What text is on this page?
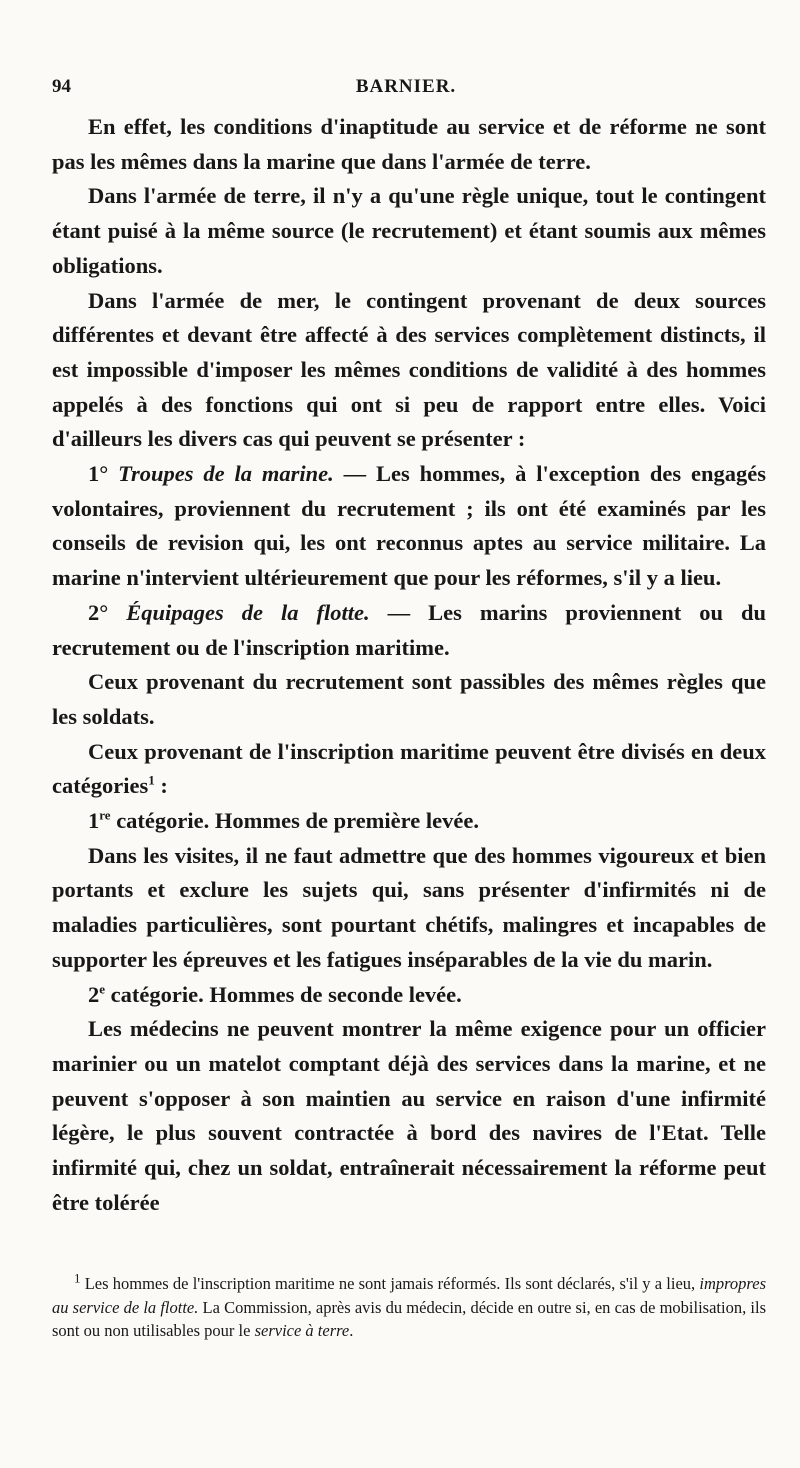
94	BARNIER.

En effet, les conditions d'inaptitude au service et de réforme ne sont pas les mêmes dans la marine que dans l'armée de terre.

Dans l'armée de terre, il n'y a qu'une règle unique, tout le contingent étant puisé à la même source (le recrutement) et étant soumis aux mêmes obligations.

Dans l'armée de mer, le contingent provenant de deux sources différentes et devant être affecté à des services complètement distincts, il est impossible d'imposer les mêmes conditions de validité à des hommes appelés à des fonctions qui ont si peu de rapport entre elles. Voici d'ailleurs les divers cas qui peuvent se présenter :

1° Troupes de la marine. — Les hommes, à l'exception des engagés volontaires, proviennent du recrutement ; ils ont été examinés par les conseils de revision qui, les ont reconnus aptes au service militaire. La marine n'intervient ultérieurement que pour les réformes, s'il y a lieu.

2° Équipages de la flotte. — Les marins proviennent ou du recrutement ou de l'inscription maritime.

Ceux provenant du recrutement sont passibles des mêmes règles que les soldats.

Ceux provenant de l'inscription maritime peuvent être divisés en deux catégories$^1$ :

1re catégorie. Hommes de première levée.

Dans les visites, il ne faut admettre que des hommes vigoureux et bien portants et exclure les sujets qui, sans présenter d'infirmités ni de maladies particulières, sont pourtant chétifs, malingres et incapables de supporter les épreuves et les fatigues inséparables de la vie du marin.

2e catégorie. Hommes de seconde levée.

Les médecins ne peuvent montrer la même exigence pour un officier marinier ou un matelot comptant déjà des services dans la marine, et ne peuvent s'opposer à son maintien au service en raison d'une infirmité légère, le plus souvent contractée à bord des navires de l'Etat. Telle infirmité qui, chez un soldat, entraînerait nécessairement la réforme peut être tolérée

$^1$ Les hommes de l'inscription maritime ne sont jamais réformés. Ils sont déclarés, s'il y a lieu, impropres au service de la flotte. La Commission, après avis du médecin, décide en outre si, en cas de mobilisation, ils sont ou non utilisables pour le service à terre.
